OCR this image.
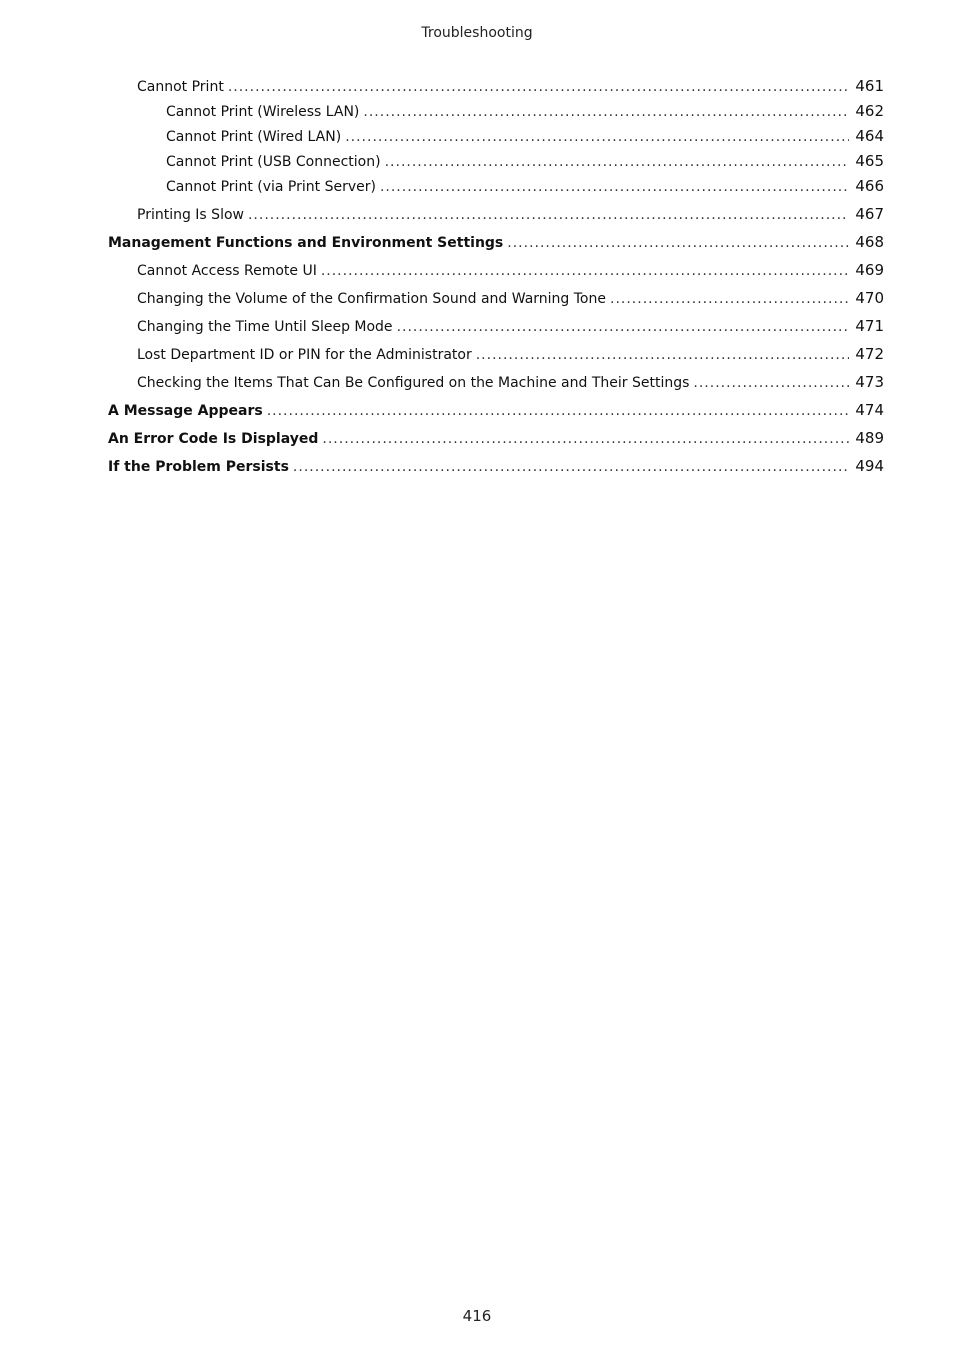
Troubleshooting
Cannot Print .....	461
Cannot Print (Wireless LAN) .....	462
Cannot Print (Wired LAN) .....	464
Cannot Print (USB Connection) .....	465
Cannot Print (via Print Server) .....	466
Printing Is Slow .....	467
Management Functions and Environment Settings .....	468
Cannot Access Remote UI .....	469
Changing the Volume of the Confirmation Sound and Warning Tone .....	470
Changing the Time Until Sleep Mode .....	471
Lost Department ID or PIN for the Administrator .....	472
Checking the Items That Can Be Configured on the Machine and Their Settings .....	473
A Message Appears .....	474
An Error Code Is Displayed .....	489
If the Problem Persists .....	494
416
